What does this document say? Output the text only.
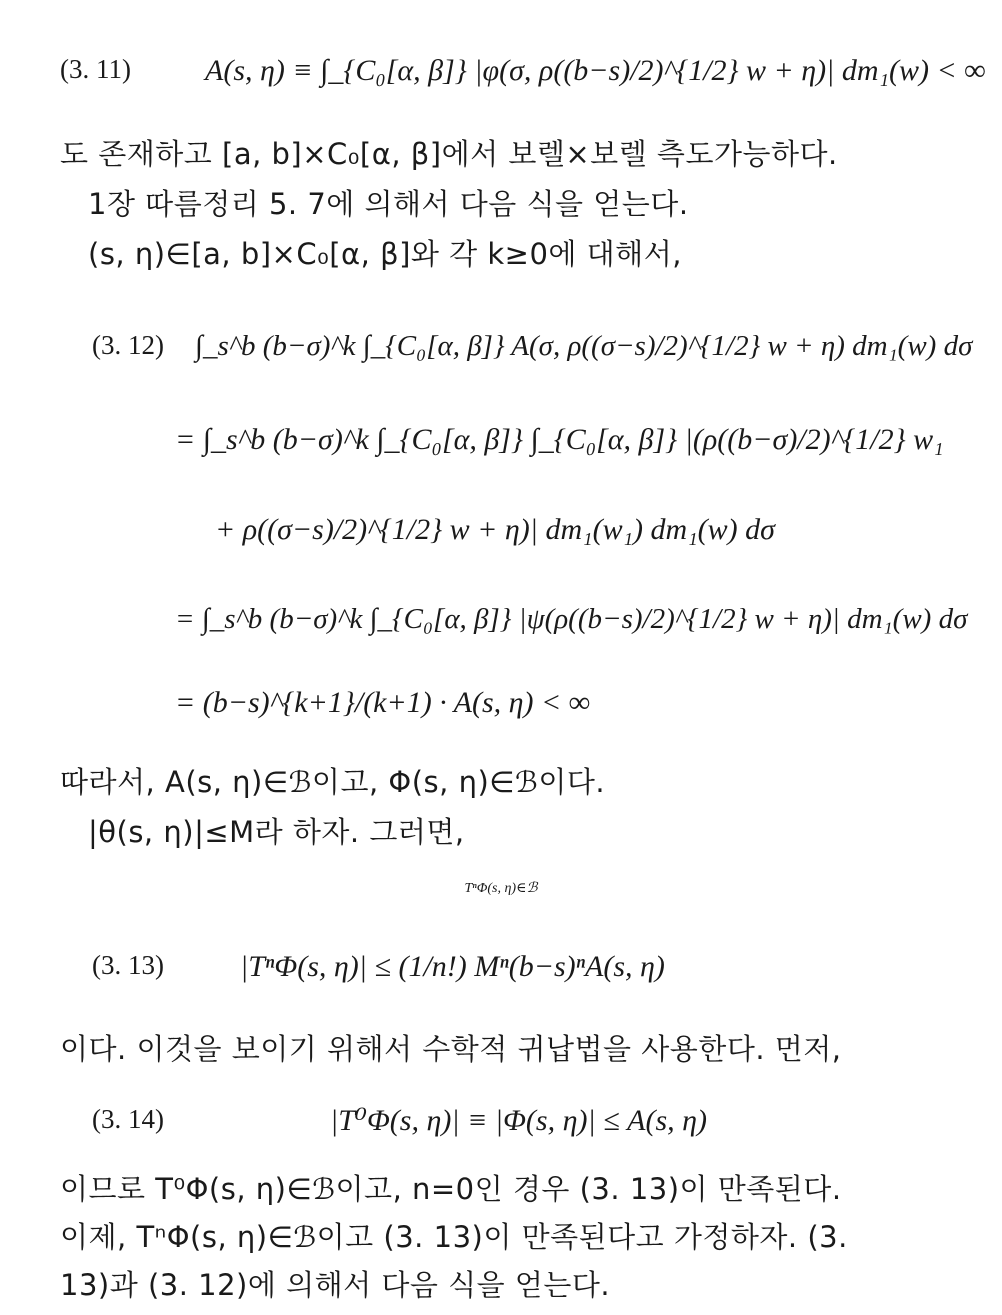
(3. 11) A(s, η) ≡ ∫_{C₀[α, β]} |φ(σ, ρ((b−s)/2)^{1/2} w + η)| dm₁(w) < ∞
도 존재하고 [a, b]×C₀[α, β]에서 보렐×보렐 측도가능하다.
1장 따름정리 5. 7에 의해서 다음 식을 얻는다.
(s, η)∈[a, b]×C₀[α, β]와 각 k≥0에 대해서,
(3. 12) ∫_s^b (b−σ)^k ∫_{C₀[α, β]} A(σ, ρ((σ−s)/2)^{1/2} w + η) dm₁(w) dσ
= ∫_s^b (b−σ)^k ∫_{C₀[α, β]} ∫_{C₀[α, β]} |(ρ((b−σ)/2)^{1/2} w₁
+ ρ((σ−s)/2)^{1/2} w + η)| dm₁(w₁) dm₁(w) dσ
= ∫_s^b (b−σ)^k ∫_{C₀[α, β]} |ψ(ρ((b−s)/2)^{1/2} w + η)| dm₁(w) dσ
= (b−s)^{k+1}/(k+1) · A(s, η) < ∞
따라서, A(s, η)∈ℬ이고, Φ(s, η)∈ℬ이다.
|θ(s, η)|≤M라 하자. 그러면,
TⁿΦ(s, η)∈ℬ
(3. 13)	|TⁿΦ(s, η)| ≤ (1/n!) Mⁿ(b−s)ⁿA(s, η)
이다. 이것을 보이기 위해서 수학적 귀납법을 사용한다. 먼저,
(3. 14)	|T⁰Φ(s, η)| ≡ |Φ(s, η)| ≤ A(s, η)
이므로 T⁰Φ(s, η)∈ℬ이고, n=0인 경우 (3. 13)이 만족된다.
이제, TⁿΦ(s, η)∈ℬ이고 (3. 13)이 만족된다고 가정하자. (3.
13)과 (3. 12)에 의해서 다음 식을 얻는다.
